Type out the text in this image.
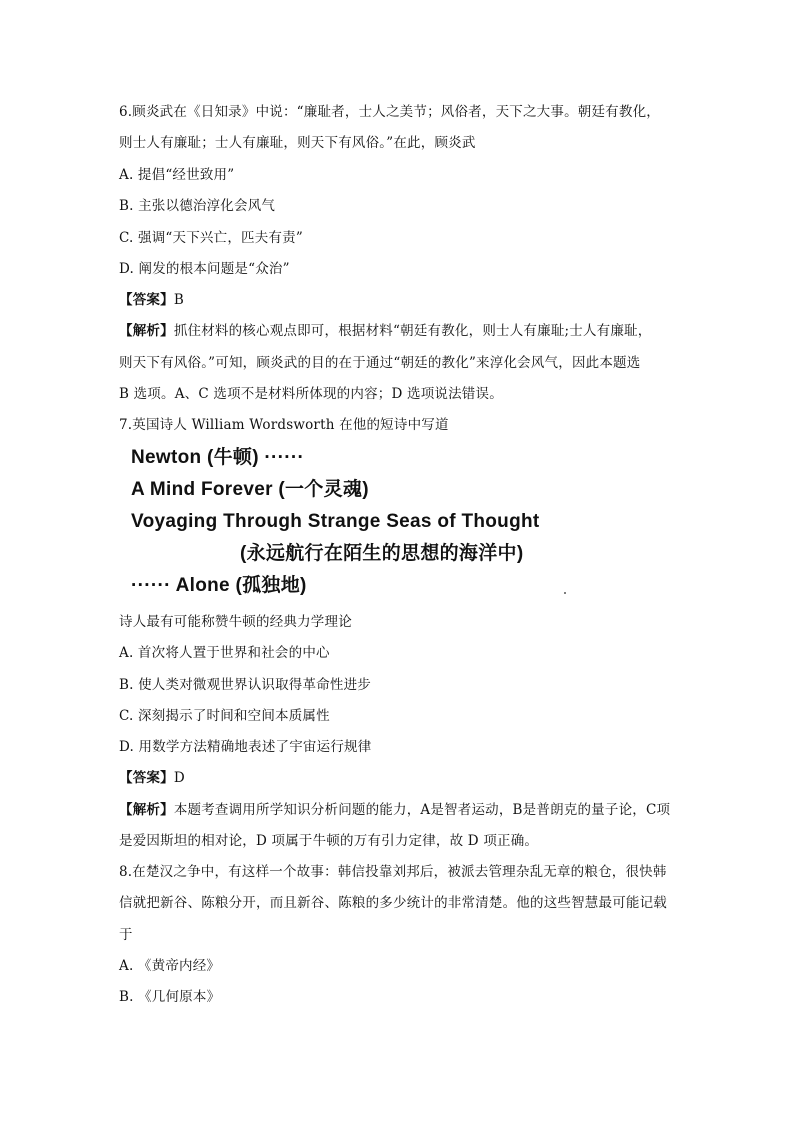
6.顾炎武在《日知录》中说：“廉耻者，士人之美节；风俗者，天下之大事。朝廷有教化，
则士人有廉耻；士人有廉耻，则天下有风俗。”在此，顾炎武
A. 提倡“经世致用”
B. 主张以德治淳化会风气
C. 强调“天下兴亡，匹夫有责”
D. 阐发的根本问题是“众治”
【答案】B
【解析】抓住材料的核心观点即可，根据材料“朝廷有教化，则士人有廉耻;士人有廉耻，
则天下有风俗。”可知，顾炎武的目的在于通过“朝廷的教化”来淳化会风气，因此本题选
B 选项。A、C 选项不是材料所体现的内容；D 选项说法错误。
7.英国诗人 William Wordsworth 在他的短诗中写道
Newton (牛顿) ······
A Mind Forever (一个灵魂)
Voyaging Through Strange Seas of Thought
(永远航行在陌生的思想的海洋中)
······ Alone (孤独地)
诗人最有可能称赞牛顿的经典力学理论
A. 首次将人置于世界和社会的中心
B. 使人类对微观世界认识取得革命性进步
C. 深刻揭示了时间和空间本质属性
D. 用数学方法精确地表述了宇宙运行规律
【答案】D
【解析】本题考查调用所学知识分析问题的能力，A是智者运动，B是普朗克的量子论，C项
是爱因斯坦的相对论，D 项属于牛顿的万有引力定律，故 D 项正确。
8.在楚汉之争中，有这样一个故事：韩信投靠刘邦后，被派去管理杂乱无章的粮仓，很快韩
信就把新谷、陈粮分开，而且新谷、陈粮的多少统计的非常清楚。他的这些智慧最可能记载
于
A. 《黄帝内经》
B. 《几何原本》
